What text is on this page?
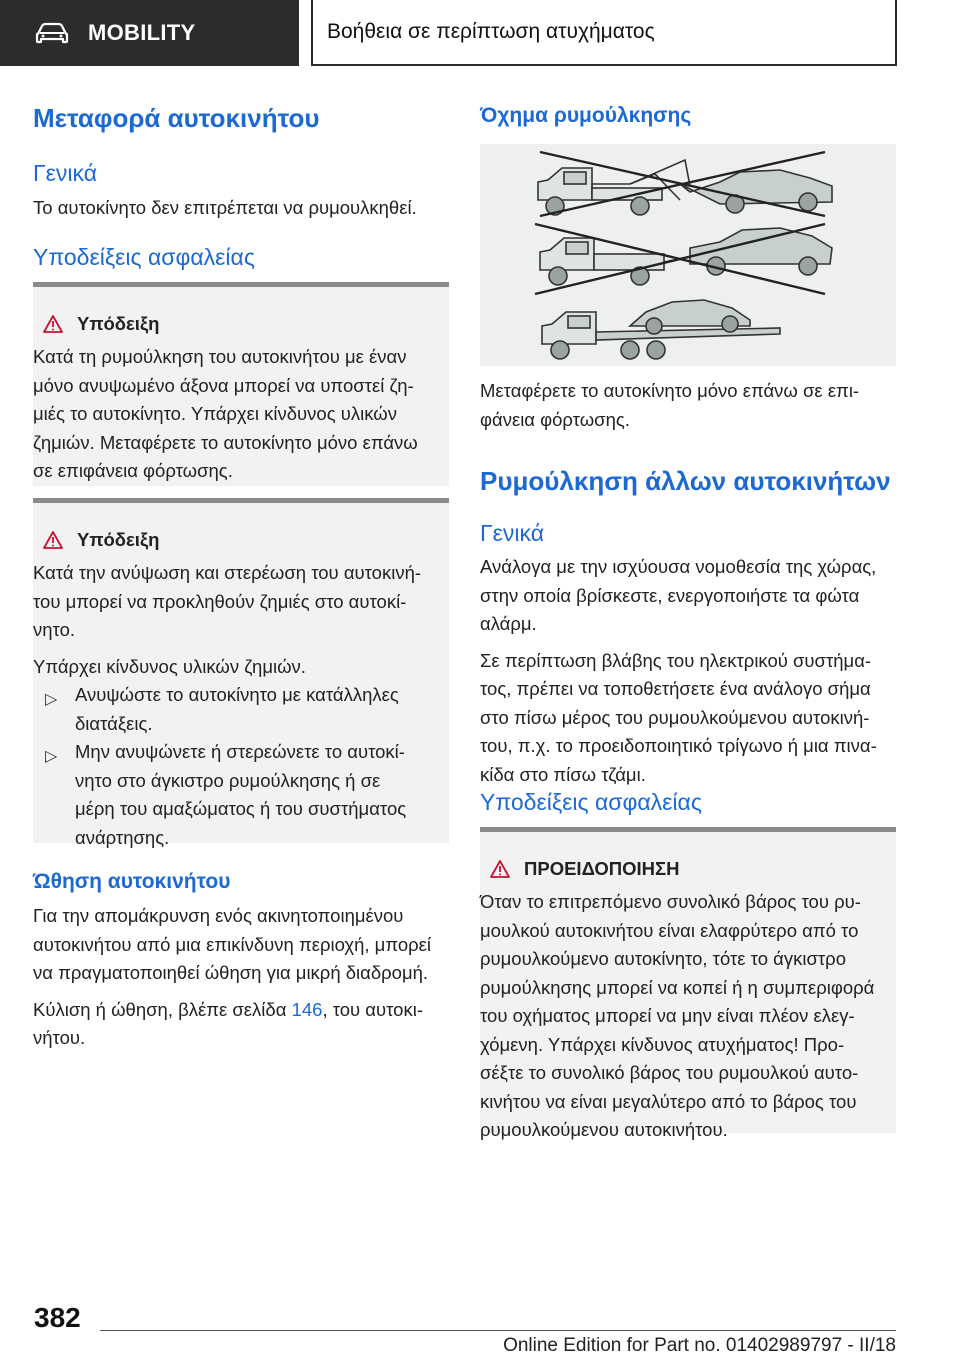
MOBILITY	Βοήθεια σε περίπτωση ατυχήματος
Μεταφορά αυτοκινήτου
Γενικά
Το αυτοκίνητο δεν επιτρέπεται να ρυμουλκηθεί.
Υποδείξεις ασφαλείας
Υπόδειξη
Κατά τη ρυμούλκηση του αυτοκινήτου με έναν
μόνο ανυψωμένο άξονα μπορεί να υποστεί ζη‐
μιές το αυτοκίνητο. Υπάρχει κίνδυνος υλικών
ζημιών. Μεταφέρετε το αυτοκίνητο μόνο επάνω
σε επιφάνεια φόρτωσης.
Υπόδειξη
Κατά την ανύψωση και στερέωση του αυτοκινή‐
του μπορεί να προκληθούν ζημιές στο αυτοκί‐
νητο.
Υπάρχει κίνδυνος υλικών ζημιών.
▷ Ανυψώστε το αυτοκίνητο με κατάλληλες
διατάξεις.
▷ Μην ανυψώνετε ή στερεώνετε το αυτοκί‐
νητο στο άγκιστρο ρυμούλκησης ή σε
μέρη του αμαξώματος ή του συστήματος
ανάρτησης.
Ώθηση αυτοκινήτου
Για την απομάκρυνση ενός ακινητοποιημένου
αυτοκινήτου από μια επικίνδυνη περιοχή, μπορεί
να πραγματοποιηθεί ώθηση για μικρή διαδρομή.
Κύλιση ή ώθηση, βλέπε σελίδα 146, του αυτοκι‐
νήτου.
Όχημα ρυμούλκησης
Μεταφέρετε το αυτοκίνητο μόνο επάνω σε επι‐
φάνεια φόρτωσης.
Ρυμούλκηση άλλων αυτοκινήτων
Γενικά
Ανάλογα με την ισχύουσα νομοθεσία της χώρας,
στην οποία βρίσκεστε, ενεργοποιήστε τα φώτα
αλάρμ.
Σε περίπτωση βλάβης του ηλεκτρικού συστήμα‐
τος, πρέπει να τοποθετήσετε ένα ανάλογο σήμα
στο πίσω μέρος του ρυμουλκούμενου αυτοκινή‐
του, π.χ. το προειδοποιητικό τρίγωνο ή μια πινα‐
κίδα στο πίσω τζάμι.
Υποδείξεις ασφαλείας
ΠΡΟΕΙΔΟΠΟΙΗΣΗ
Όταν το επιτρεπόμενο συνολικό βάρος του ρυ‐
μουλκού αυτοκινήτου είναι ελαφρύτερο από το
ρυμουλκούμενο αυτοκίνητο, τότε το άγκιστρο
ρυμούλκησης μπορεί να κοπεί ή η συμπεριφορά
του οχήματος μπορεί να μην είναι πλέον ελεγ‐
χόμενη. Υπάρχει κίνδυνος ατυχήματος! Προ‐
σέξτε το συνολικό βάρος του ρυμουλκού αυτο‐
κινήτου να είναι μεγαλύτερο από το βάρος του
ρυμουλκούμενου αυτοκινήτου.
382
Online Edition for Part no. 01402989797 - II/18
